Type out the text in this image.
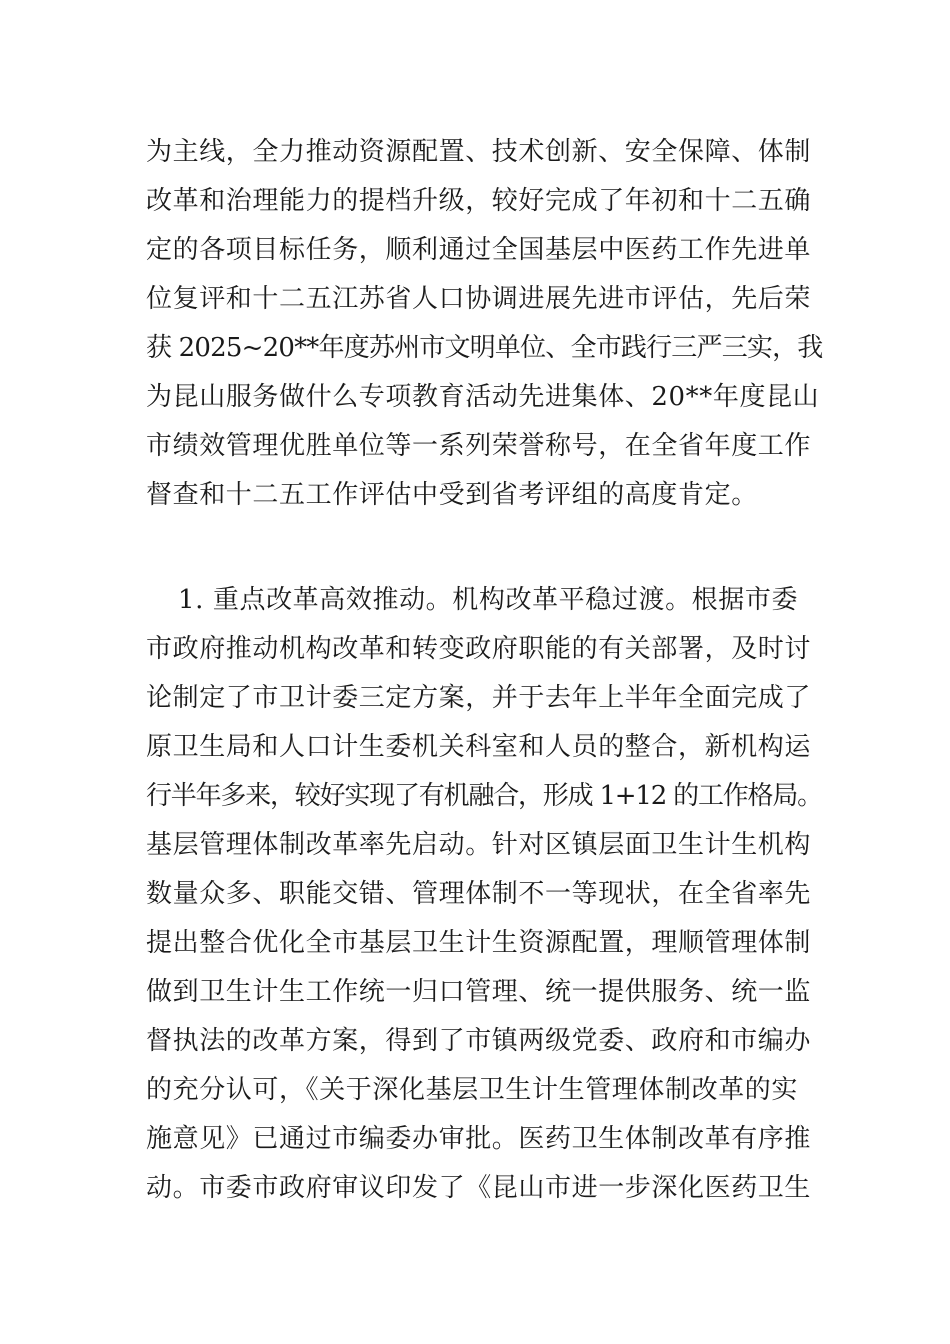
为主线，全力推动资源配置、技术创新、安全保障、体制
改革和治理能力的提档升级，较好完成了年初和十二五确
定的各项目标任务，顺利通过全国基层中医药工作先进单
位复评和十二五江苏省人口协调进展先进市评估，先后荣
获 2025~20**年度苏州市文明单位、全市践行三严三实，我
为昆山服务做什么专项教育活动先进集体、20**年度昆山
市绩效管理优胜单位等一系列荣誉称号，在全省年度工作
督查和十二五工作评估中受到省考评组的高度肯定。
1. 重点改革高效推动。机构改革平稳过渡。根据市委
市政府推动机构改革和转变政府职能的有关部署，及时讨
论制定了市卫计委三定方案，并于去年上半年全面完成了
原卫生局和人口计生委机关科室和人员的整合，新机构运
行半年多来，较好实现了有机融合，形成 1+12 的工作格局。
基层管理体制改革率先启动。针对区镇层面卫生计生机构
数量众多、职能交错、管理体制不一等现状，在全省率先
提出整合优化全市基层卫生计生资源配置，理顺管理体制
做到卫生计生工作统一归口管理、统一提供服务、统一监
督执法的改革方案，得到了市镇两级党委、政府和市编办
的充分认可，《关于深化基层卫生计生管理体制改革的实
施意见》已通过市编委办审批。医药卫生体制改革有序推
动。市委市政府审议印发了《昆山市进一步深化医药卫生
